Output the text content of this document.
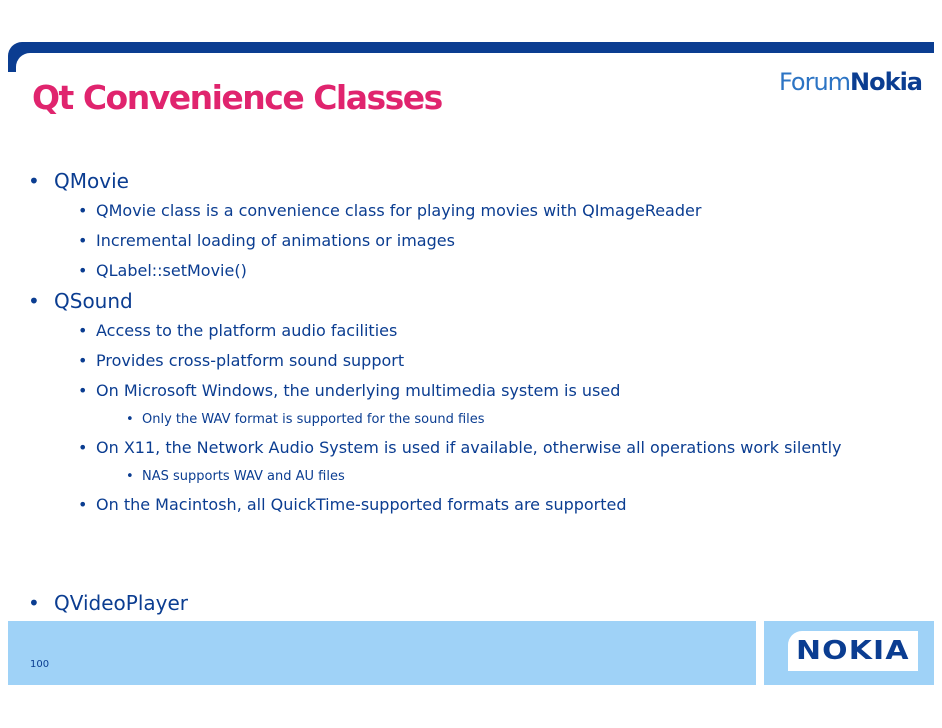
Qt Convenience Classes	ForumNokia
• QMovie
• QMovie class is a convenience class for playing movies with QImageReader
• Incremental loading of animations or images
• QLabel::setMovie()
• QSound
• Access to the platform audio facilities
• Provides cross-platform sound support
• On Microsoft Windows, the underlying multimedia system is used
• Only the WAV format is supported for the sound files
• On X11, the Network Audio System is used if available, otherwise all operations work silently
• NAS supports WAV and AU files
• On the Macintosh, all QuickTime-supported formats are supported
• QVideoPlayer
100	NOKIA
